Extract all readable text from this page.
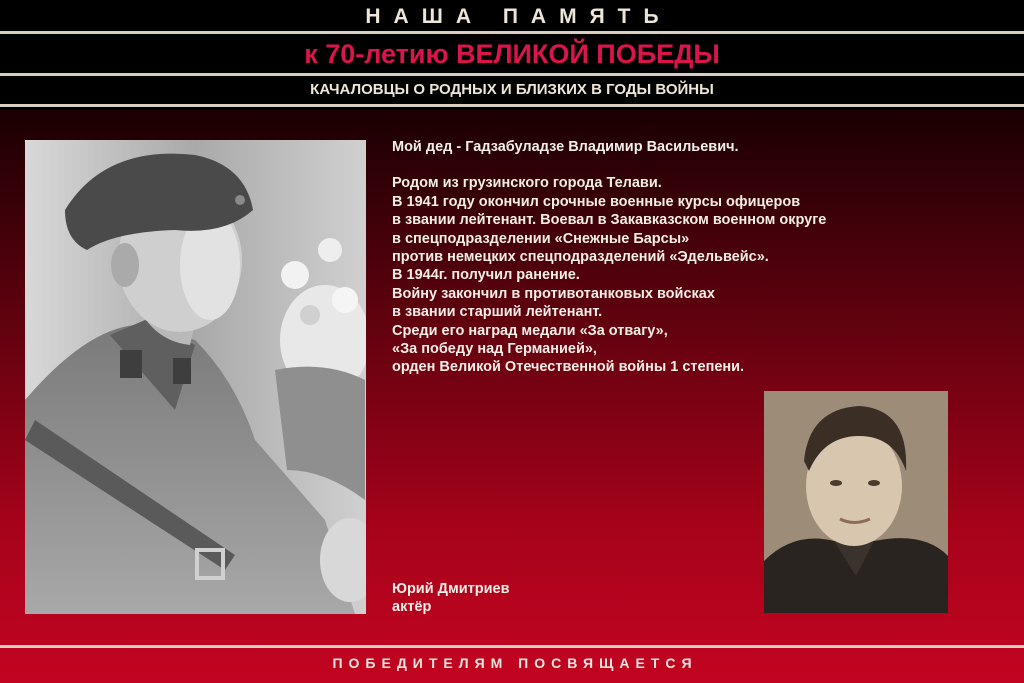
НАША ПАМЯТЬ
к 70-летию ВЕЛИКОЙ ПОБЕДЫ
КАЧАЛОВЦЫ О РОДНЫХ И БЛИЗКИХ В ГОДЫ ВОЙНЫ
Мой дед - Гадзабуладзе Владимир Васильевич.
Родом из грузинского города Телави.
В 1941 году окончил срочные военные курсы офицеров
в звании лейтенант. Воевал в Закавказском военном округе
в спецподразделении «Снежные Барсы»
против немецких спецподразделений «Эдельвейс».
В 1944г. получил ранение.
Войну закончил в противотанковых войсках
в звании старший лейтенант.
Среди его наград медали «За отвагу»,
«За победу над Германией»,
орден Великой Отечественной войны 1 степени.
Юрий Дмитриев
актёр
ПОБЕДИТЕЛЯМ ПОСВЯЩАЕТСЯ
